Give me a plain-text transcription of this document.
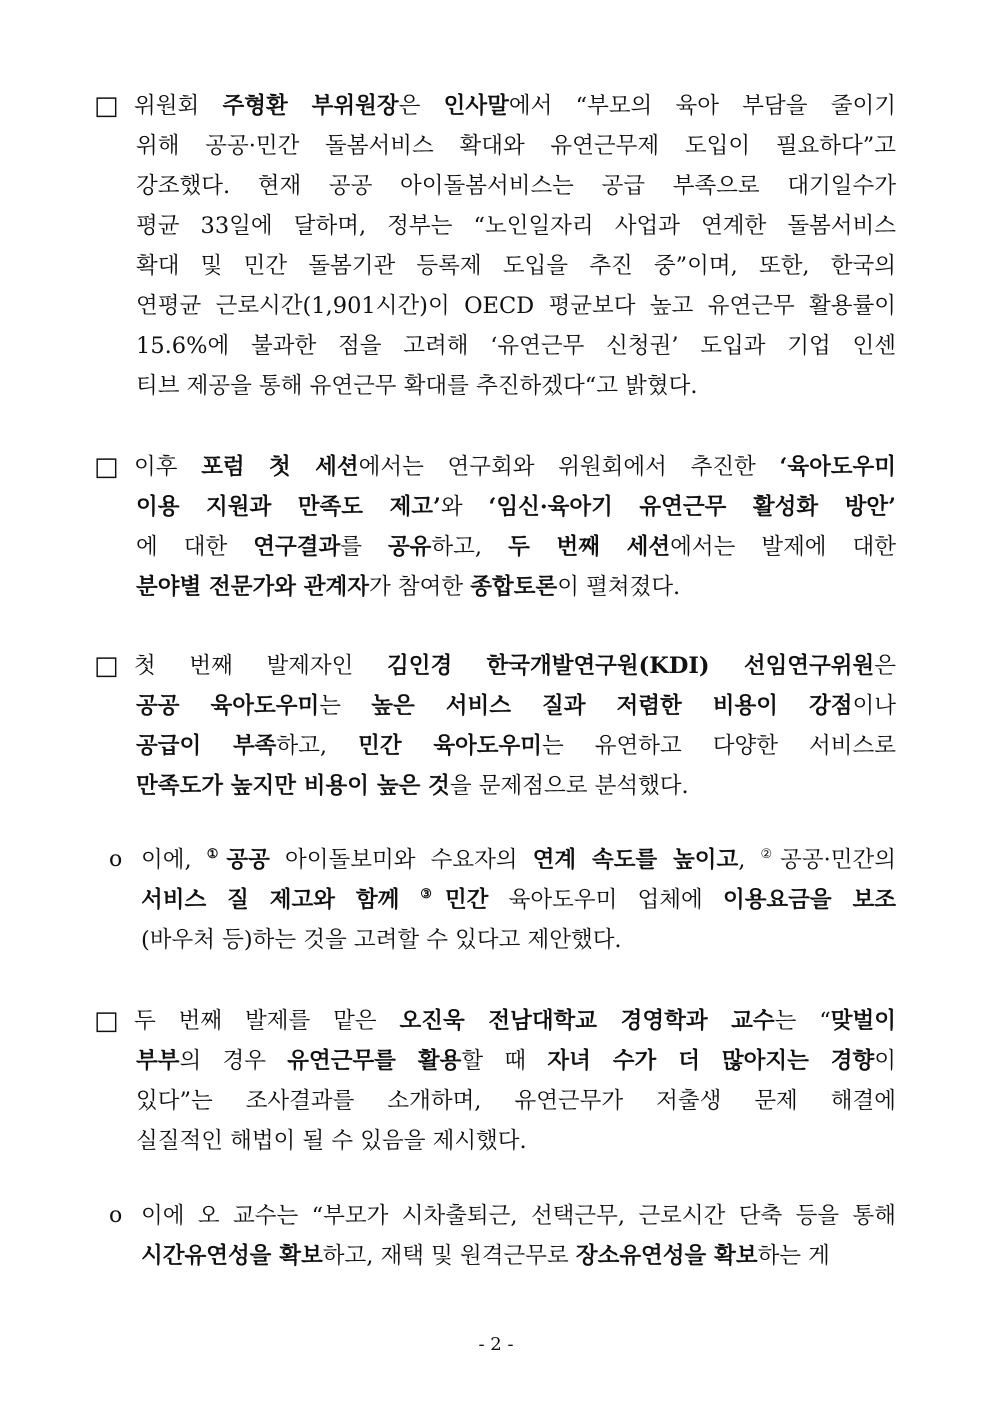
□ 위원회 주형환 부위원장은 인사말에서 “부모의 육아 부담을 줄이기
위해 공공·민간 돌봄서비스 확대와 유연근무제 도입이 필요하다”고
강조했다. 현재 공공 아이돌봄서비스는 공급 부족으로 대기일수가
평균 33일에 달하며, 정부는 “노인일자리 사업과 연계한 돌봄서비스
확대 및 민간 돌봄기관 등록제 도입을 추진 중”이며, 또한, 한국의
연평균 근로시간(1,901시간)이 OECD 평균보다 높고 유연근무 활용률이
15.6%에 불과한 점을 고려해 ‘유연근무 신청권’ 도입과 기업 인센
티브 제공을 통해 유연근무 확대를 추진하겠다“고 밝혔다.
□ 이후 포럼 첫 세션에서는 연구회와 위원회에서 추진한 ‘육아도우미
이용 지원과 만족도 제고’와 ‘임신·육아기 유연근무 활성화 방안’
에 대한 연구결과를 공유하고, 두 번째 세션에서는 발제에 대한
분야별 전문가와 관계자가 참여한 종합토론이 펼쳐졌다.
□ 첫 번째 발제자인 김인경 한국개발연구원(KDI) 선임연구위원은
공공 육아도우미는 높은 서비스 질과 저렴한 비용이 강점이나
공급이 부족하고, 민간 육아도우미는 유연하고 다양한 서비스로
만족도가 높지만 비용이 높은 것을 문제점으로 분석했다.
o 이에, ①공공 아이돌보미와 수요자의 연계 속도를 높이고, ②공공·민간의
서비스 질 제고와 함께 ③민간 육아도우미 업체에 이용요금을 보조
(바우처 등)하는 것을 고려할 수 있다고 제안했다.
□ 두 번째 발제를 맡은 오진욱 전남대학교 경영학과 교수는 “맞벌이
부부의 경우 유연근무를 활용할 때 자녀 수가 더 많아지는 경향이
있다”는 조사결과를 소개하며, 유연근무가 저출생 문제 해결에
실질적인 해법이 될 수 있음을 제시했다.
o 이에 오 교수는 “부모가 시차출퇴근, 선택근무, 근로시간 단축 등을 통해
시간유연성을 확보하고, 재택 및 원격근무로 장소유연성을 확보하는 게
- 2 -
